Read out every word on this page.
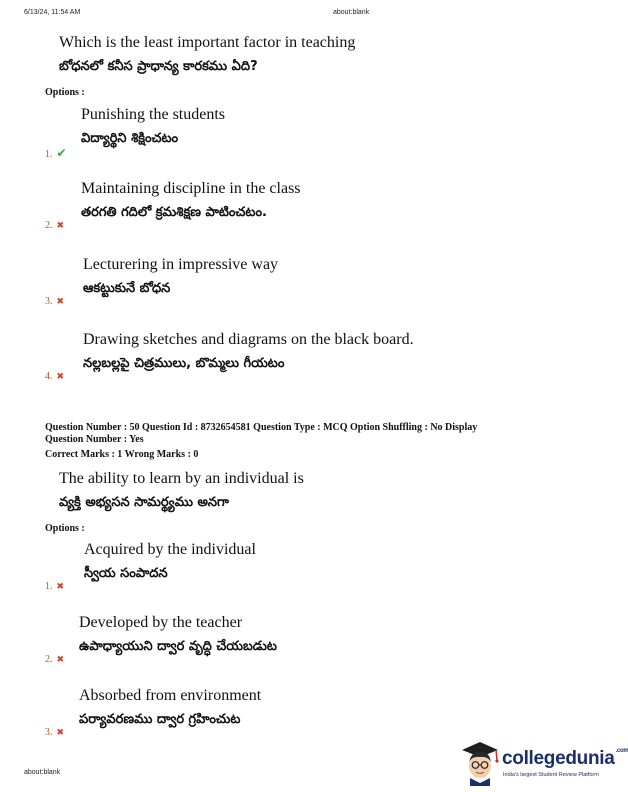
6/13/24, 11:54 AM	about:blank
Which is the least important factor in teaching
బోధనలో కనీస ప్రాధాన్య కారకము ఏది?
Options :
Punishing the students
విద్యార్థిని శిక్షించటం
1. ✔
Maintaining discipline in the class
తరగతి గదిలో క్రమశిక్షణ పాటించటం.
2. ✖
Lecturering in impressive way
ఆకట్టుకునే బోధన
3. ✖
Drawing sketches and diagrams on the black board.
నల్లబల్లపై చిత్రములు, బొమ్మలు గీయటం
4. ✖
Question Number : 50 Question Id : 8732654581 Question Type : MCQ Option Shuffling : No Display
Question Number : Yes
Correct Marks : 1 Wrong Marks : 0
The ability to learn by an individual is
వ్యక్తి అభ్యసన సామర్థ్యము అనగా
Options :
Acquired by the individual
స్వీయ సంపాదన
1. ✖
Developed by the teacher
ఉపాధ్యాయుని ద్వార వృద్ధి చేయబడుట
2. ✖
Absorbed from environment
పర్యావరణము ద్వార గ్రహించుట
3. ✖
about:blank
collegedunia$^{.com}$
India's largest Student Review Platform
